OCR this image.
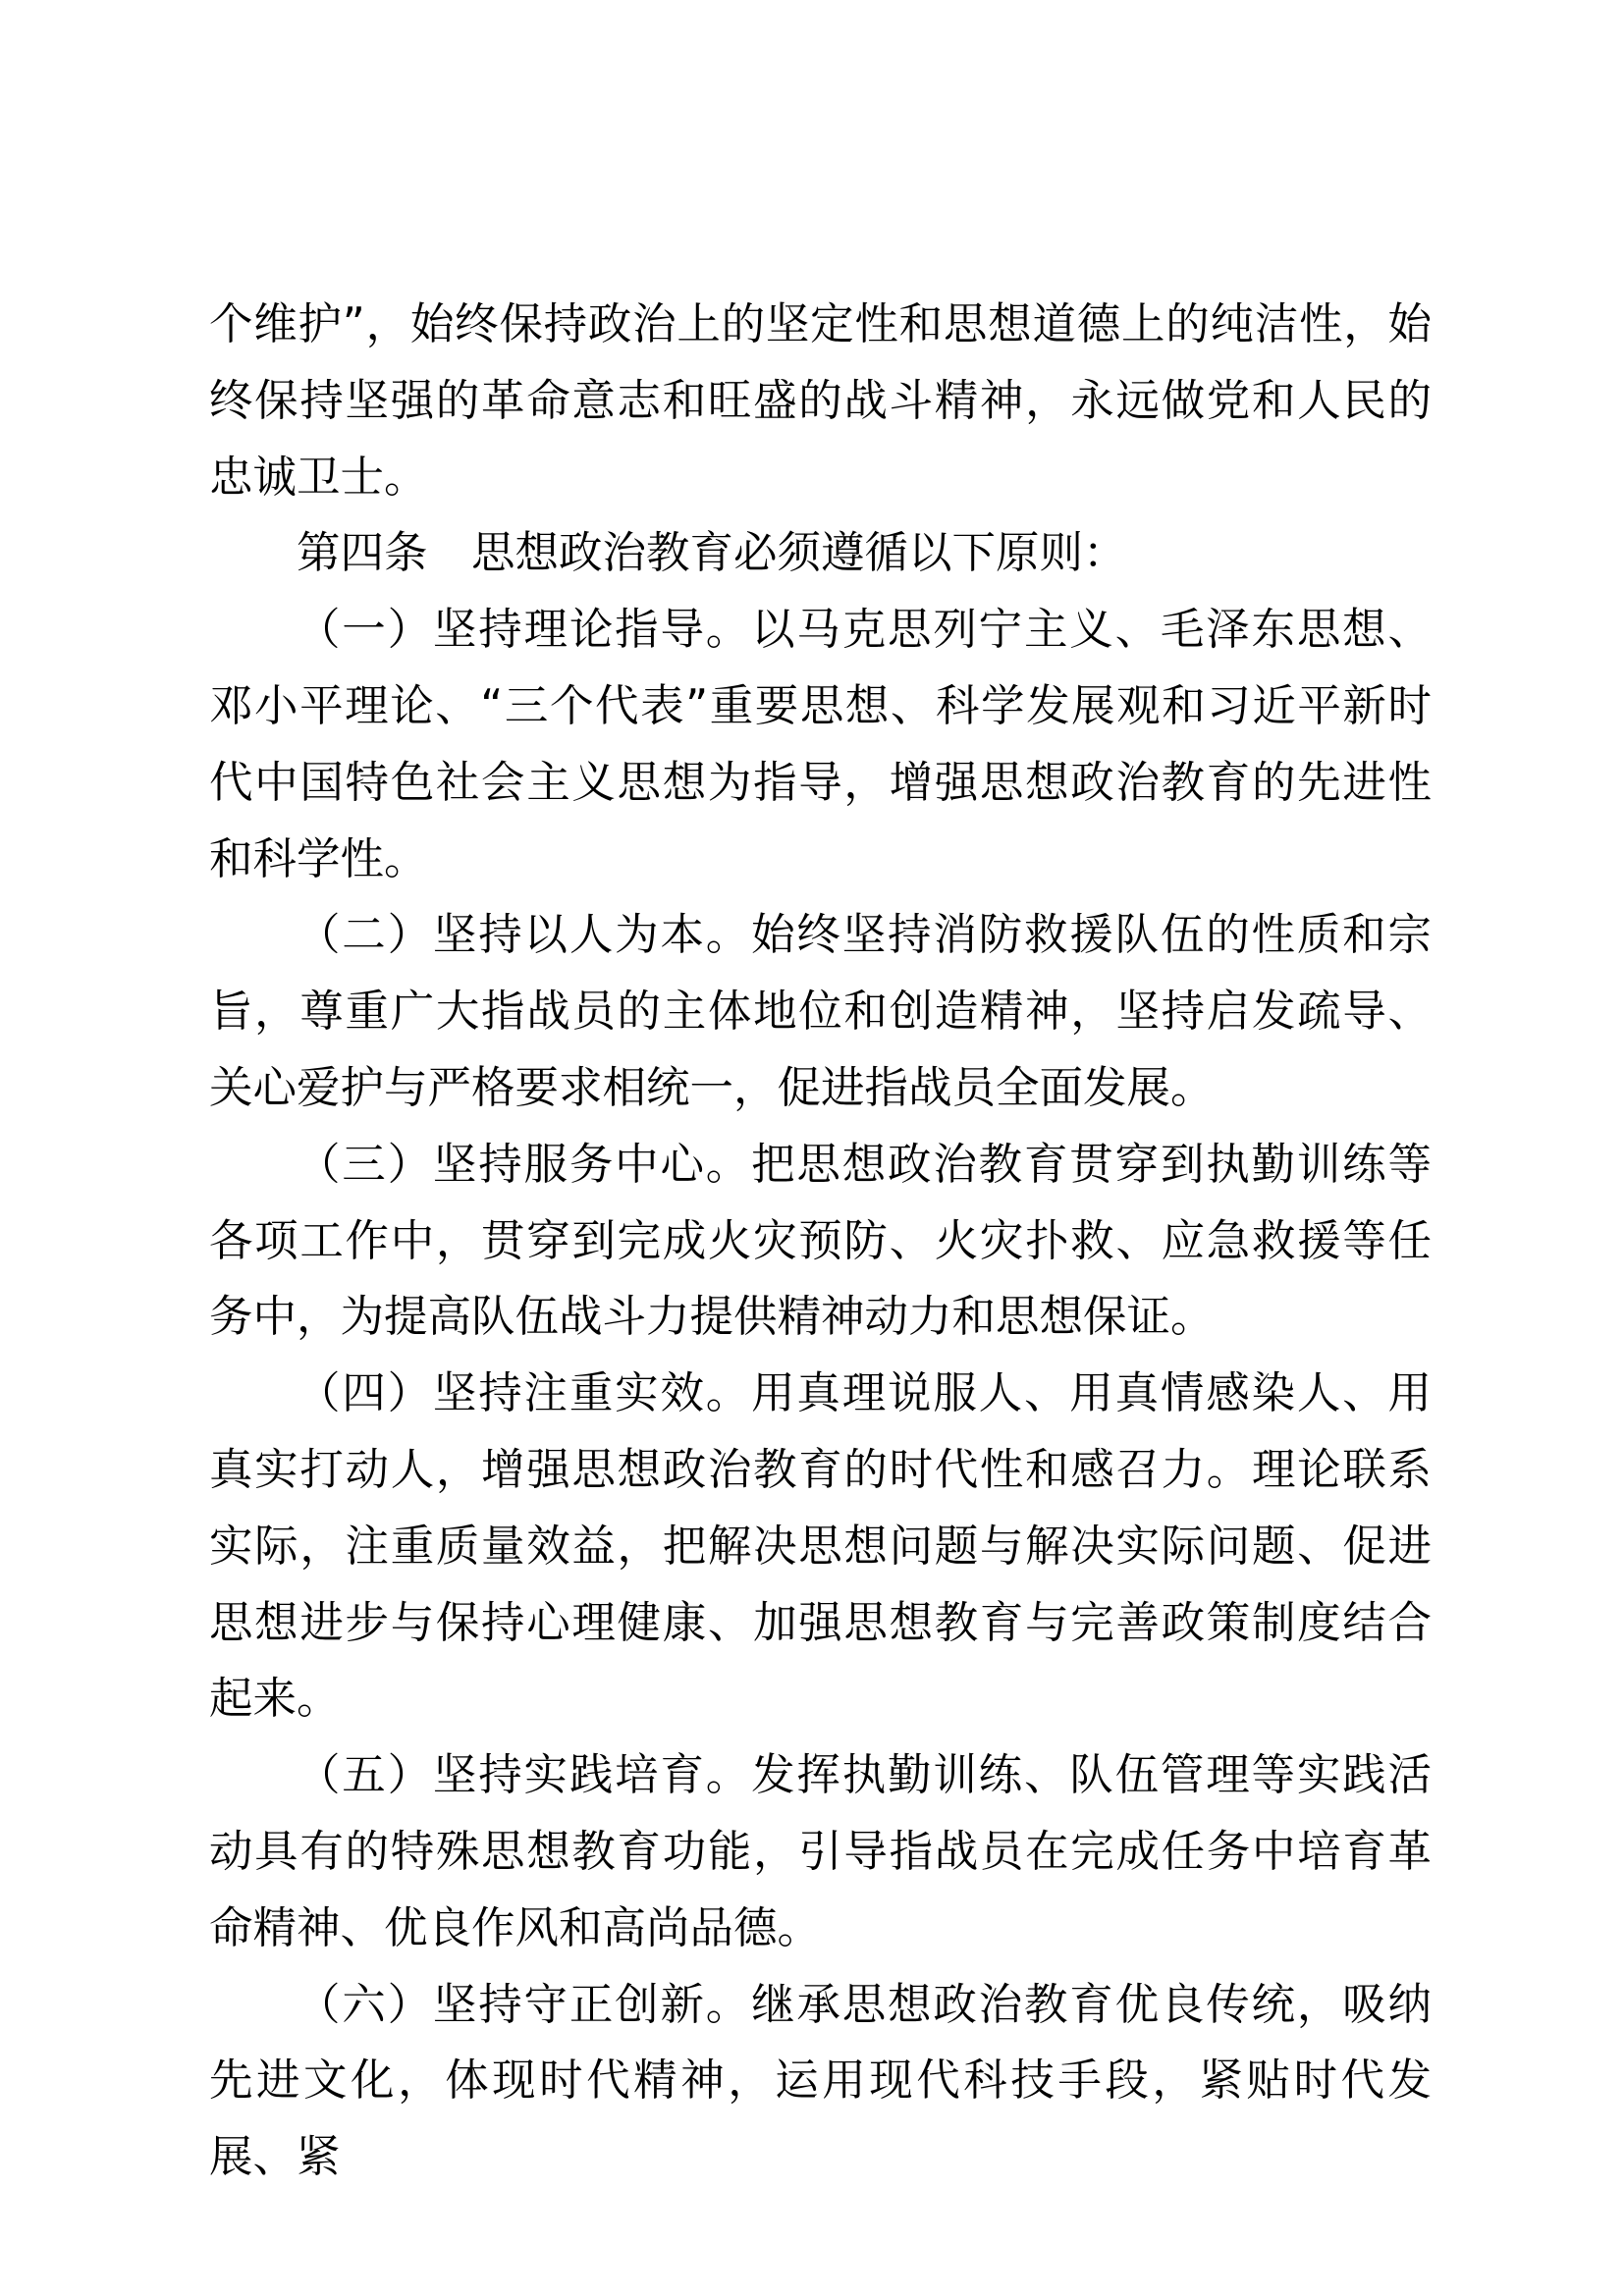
个维护”，始终保持政治上的坚定性和思想道德上的纯洁性，始终保持坚强的革命意志和旺盛的战斗精神，永远做党和人民的忠诚卫士。

第四条 思想政治教育必须遵循以下原则：

（一）坚持理论指导。以马克思列宁主义、毛泽东思想、邓小平理论、“三个代表”重要思想、科学发展观和习近平新时代中国特色社会主义思想为指导，增强思想政治教育的先进性和科学性。

（二）坚持以人为本。始终坚持消防救援队伍的性质和宗旨，尊重广大指战员的主体地位和创造精神，坚持启发疏导、关心爱护与严格要求相统一，促进指战员全面发展。

（三）坚持服务中心。把思想政治教育贯穿到执勤训练等各项工作中，贯穿到完成火灾预防、火灾扑救、应急救援等任务中，为提高队伍战斗力提供精神动力和思想保证。

（四）坚持注重实效。用真理说服人、用真情感染人、用真实打动人，增强思想政治教育的时代性和感召力。理论联系实际，注重质量效益，把解决思想问题与解决实际问题、促进思想进步与保持心理健康、加强思想教育与完善政策制度结合起来。

（五）坚持实践培育。发挥执勤训练、队伍管理等实践活动具有的特殊思想教育功能，引导指战员在完成任务中培育革命精神、优良作风和高尚品德。

（六）坚持守正创新。继承思想政治教育优良传统，吸纳先进文化，体现时代精神，运用现代科技手段，紧贴时代发展、紧
